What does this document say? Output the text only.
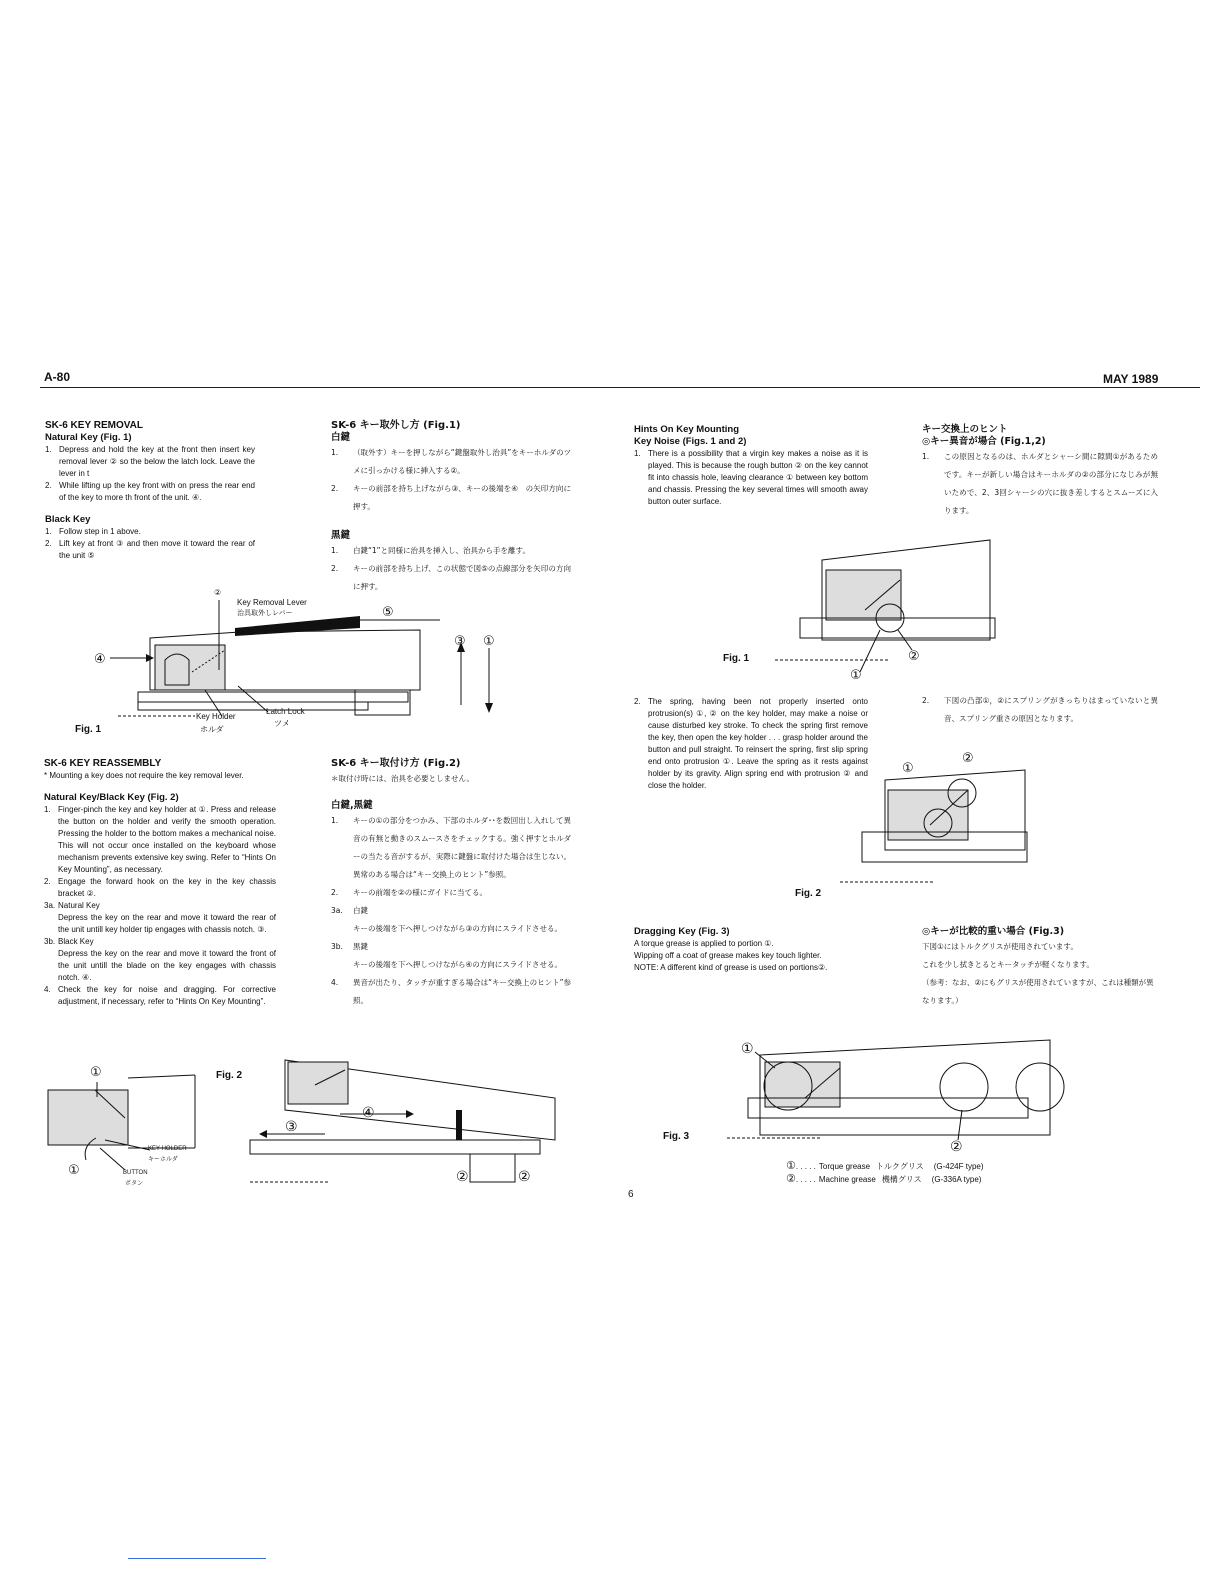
A-80	MAY 1989
SK-6 KEY REMOVAL
Natural Key (Fig. 1)
1. Depress and hold the key at the front then insert key removal lever ② so the below the latch lock. Leave the lever in t
2. While lifting up the key front with on press the rear end of the key to more th front of the unit. ④.
Black Key
1. Follow step in 1 above.
2. Lift key at front ③ and then move it toward the rear of the unit ⑤
SK-6 キー取外し方 (Fig.1)
白鍵
1.	（取外す）キーを押しながら“鍵盤取外し治具”をキーホルダのツメに引っかける様に挿入する②。
2.	キーの前部を持ち上げながら③、キーの後端を④　の矢印方向に押す。
黒鍵
1.	白鍵“1”と同様に治具を挿入し、治具から手を離す。
2.	キーの前部を持ち上げ、この状態で図⑤の点線部分を矢印の方向に押す。
②
Key Removal Lever
治具取外しレバー	⑤
④
③ ①
Key Holder
ホルダ
Latch Lock
ツメ
Fig. 1
SK-6 KEY REASSEMBLY
* Mounting a key does not require the key removal lever.
Natural Key/Black Key (Fig. 2)
1. Finger-pinch the key and key holder at ①. Press and release the button on the holder and verify the smooth operation. Pressing the holder to the bottom makes a mechanical noise. This will not occur once installed on the keyboard whose mechanism prevents extensive key swing. Refer to “Hints On Key Mounting”, as necessary.
2. Engage the forward hook on the key in the key chassis bracket ②.
3a. Natural Key
Depress the key on the rear and move it toward the rear of the unit untill key holder tip engages with chassis notch. ③.
3b. Black Key
Depress the key on the rear and move it toward the front of the unit untill the blade on the key engages with chassis notch. ④.
4. Check the key for noise and dragging. For corrective adjustment, if necessary, refer to “Hints On Key Mounting”.
SK-6 キー取付け方 (Fig.2)
＊取付け時には、治具を必要としません。
白鍵,黒鍵
1.	キーの①の部分をつかみ、下部のホルダ･･を数回出し入れして異音の有無と動きのスムースさをチェックする。強く押すとホルダーの当たる音がするが、実際に鍵盤に取付けた場合は生じない。異常のある場合は“キー交換上のヒント”参照。
2.	キーの前端を②の様にガイドに当てる。
3a.	白鍵
キーの後端を下へ押しつけながら③の方向にスライドさせる。
3b.	黒鍵
キーの後端を下へ押しつけながら④の方向にスライドさせる。
4.	異音が出たり、タッチが重すぎる場合は“キー交換上のヒント”参照。
①
①
KEY HOLDER
キーホルダ
BUTTON
ボタン
Fig. 2
③
④
②	②
6
Hints On Key Mounting
Key Noise (Figs. 1 and 2)
1. There is a possibility that a virgin key makes a noise as it is played. This is because the rough button ② on the key cannot fit into chassis hole, leaving clearance ① between key bottom and chassis. Pressing the key several times will smooth away button outer surface.
キー交換上のヒント
◎キー異音が場合 (Fig.1,2)
1.	この原因となるのは、ホルダとシャーシ間に隙間①があるためです。キーが新しい場合はキーホルダの②の部分になじみが無いためで、2、3回シャーシの穴に抜き差しするとスムーズに入ります。
Fig. 1
①
②
2. The spring, having been not properly inserted onto protrusion(s) ①, ② on the key holder, may make a noise or cause disturbed key stroke. To check the spring first remove the key, then open the key holder . . . grasp holder around the button and pull straight. To reinsert the spring, first slip spring end onto protrusion ①. Leave the spring as it rests against holder by its gravity. Align spring end with protrusion ② and close the holder.
2.	下図の凸部①，②にスプリングがきっちりはまっていないと異音、スプリング重さの原因となります。
①
②
Fig. 2
Dragging Key (Fig. 3)
A torque grease is applied to portion ①.
Wipping off a coat of grease makes key touch lighter.
NOTE: A different kind of grease is used on portions②.
◎キーが比較的重い場合 (Fig.3)
下図①にはトルクグリスが使用されています。
これを少し拭きとるとキータッチが軽くなります。
（参考：なお、②にもグリスが使用されていますが、これは種類が異なります。）
①
②
Fig. 3
①. . . . . Torque grease トルクグリス (G-424F type)
②. . . . . Machine grease 機構グリス (G-336A type)
